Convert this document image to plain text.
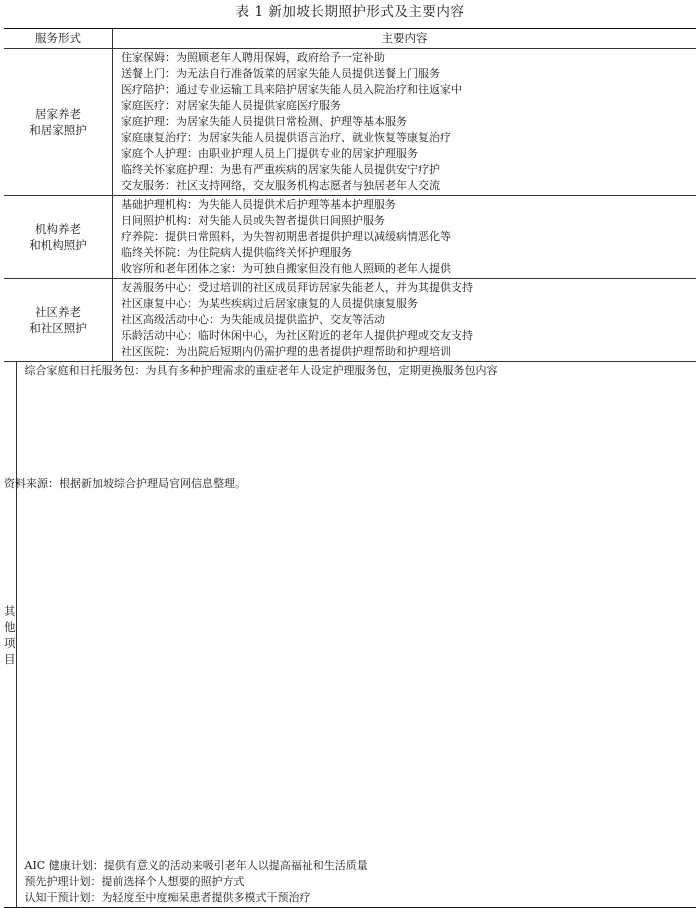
表 1 新加坡长期照护形式及主要内容
服务形式	主要内容
居家养老
和居家照护
住家保姆：为照顾老年人聘用保姆，政府给予一定补助
送餐上门：为无法自行准备饭菜的居家失能人员提供送餐上门服务
医疗陪护：通过专业运输工具来陪护居家失能人员入院治疗和往返家中
家庭医疗：对居家失能人员提供家庭医疗服务
家庭护理：为居家失能人员提供日常检测、护理等基本服务
家庭康复治疗：为居家失能人员提供语言治疗、就业恢复等康复治疗
家庭个人护理：由职业护理人员上门提供专业的居家护理服务
临终关怀家庭护理：为患有严重疾病的居家失能人员提供安宁疗护
交友服务：社区支持网络，交友服务机构志愿者与独居老年人交流
机构养老
和机构照护
基础护理机构：为失能人员提供术后护理等基本护理服务
日间照护机构：对失能人员或失智者提供日间照护服务
疗养院：提供日常照料，为失智初期患者提供护理以减缓病情恶化等
临终关怀院：为住院病人提供临终关怀护理服务
收容所和老年团体之家：为可独自搬家但没有他人照顾的老年人提供
社区养老
和社区照护
友善服务中心：受过培训的社区成员拜访居家失能老人，并为其提供支持
社区康复中心：为某些疾病过后居家康复的人员提供康复服务
社区高级活动中心：为失能成员提供监护、交友等活动
乐龄活动中心：临时休闲中心，为社区附近的老年人提供护理或交友支持
社区医院：为出院后短期内仍需护理的患者提供护理帮助和护理培训
其他项目
综合家庭和日托服务包：为具有多种护理需求的重症老年人设定护理服务包，定期更换服务包内容
AIC 健康计划：提供有意义的活动来吸引老年人以提高福祉和生活质量
预先护理计划：提前选择个人想要的照护方式
认知干预计划：为轻度至中度痴呆患者提供多模式干预治疗
资料来源：根据新加坡综合护理局官网信息整理。
